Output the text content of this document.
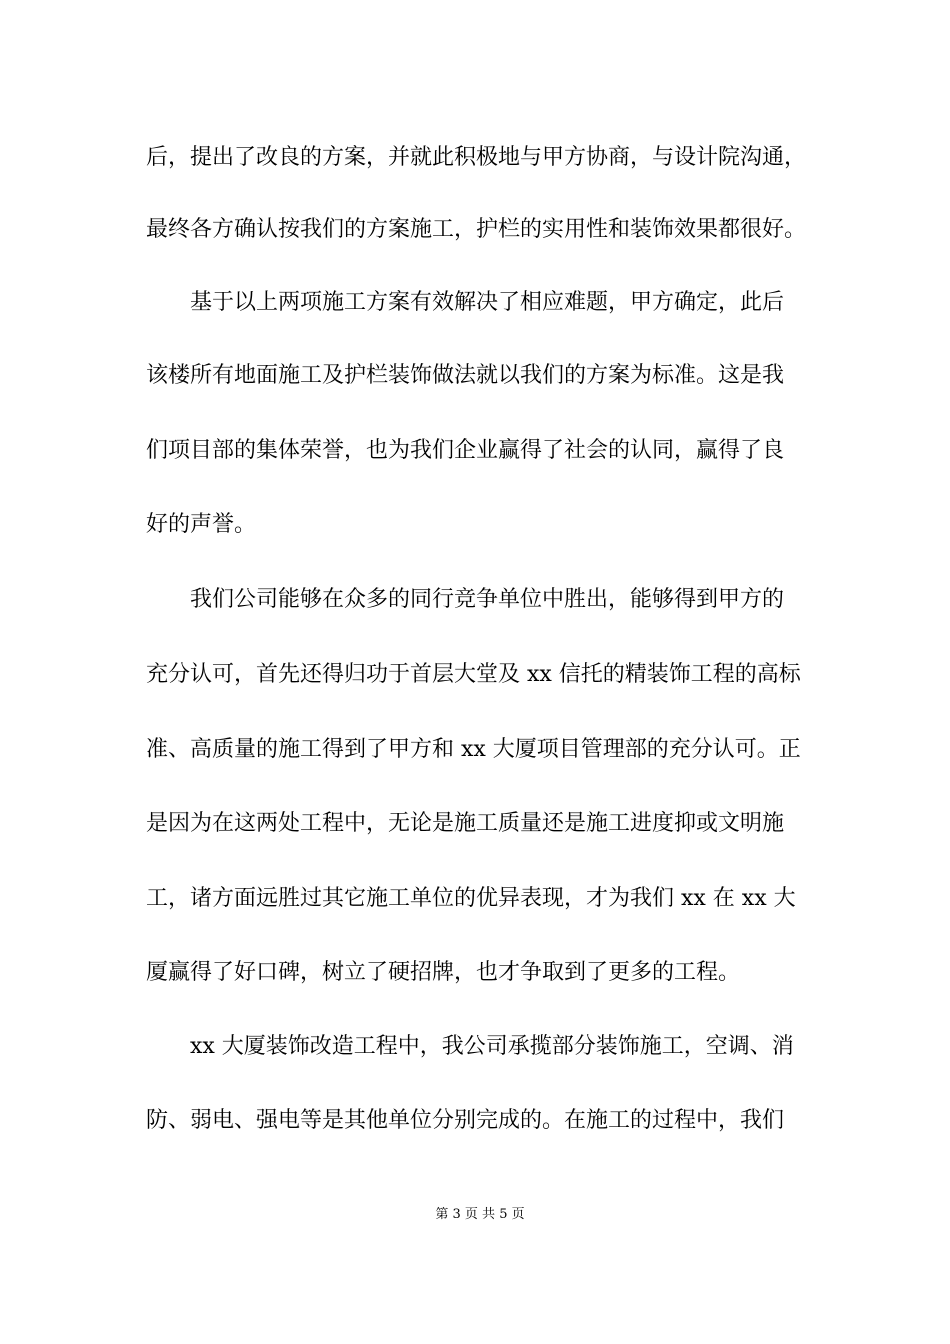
后，提出了改良的方案，并就此积极地与甲方协商，与设计院沟通，
最终各方确认按我们的方案施工，护栏的实用性和装饰效果都很好。
　　基于以上两项施工方案有效解决了相应难题，甲方确定，此后
该楼所有地面施工及护栏装饰做法就以我们的方案为标准。这是我
们项目部的集体荣誉，也为我们企业赢得了社会的认同，赢得了良
好的声誉。
　　我们公司能够在众多的同行竞争单位中胜出，能够得到甲方的
充分认可，首先还得归功于首层大堂及 xx 信托的精装饰工程的高标
准、高质量的施工得到了甲方和 xx 大厦项目管理部的充分认可。正
是因为在这两处工程中，无论是施工质量还是施工进度抑或文明施
工，诸方面远胜过其它施工单位的优异表现，才为我们 xx 在 xx 大
厦赢得了好口碑，树立了硬招牌，也才争取到了更多的工程。
　　xx 大厦装饰改造工程中，我公司承揽部分装饰施工，空调、消
防、弱电、强电等是其他单位分别完成的。在施工的过程中，我们
第 3 页 共 5 页
